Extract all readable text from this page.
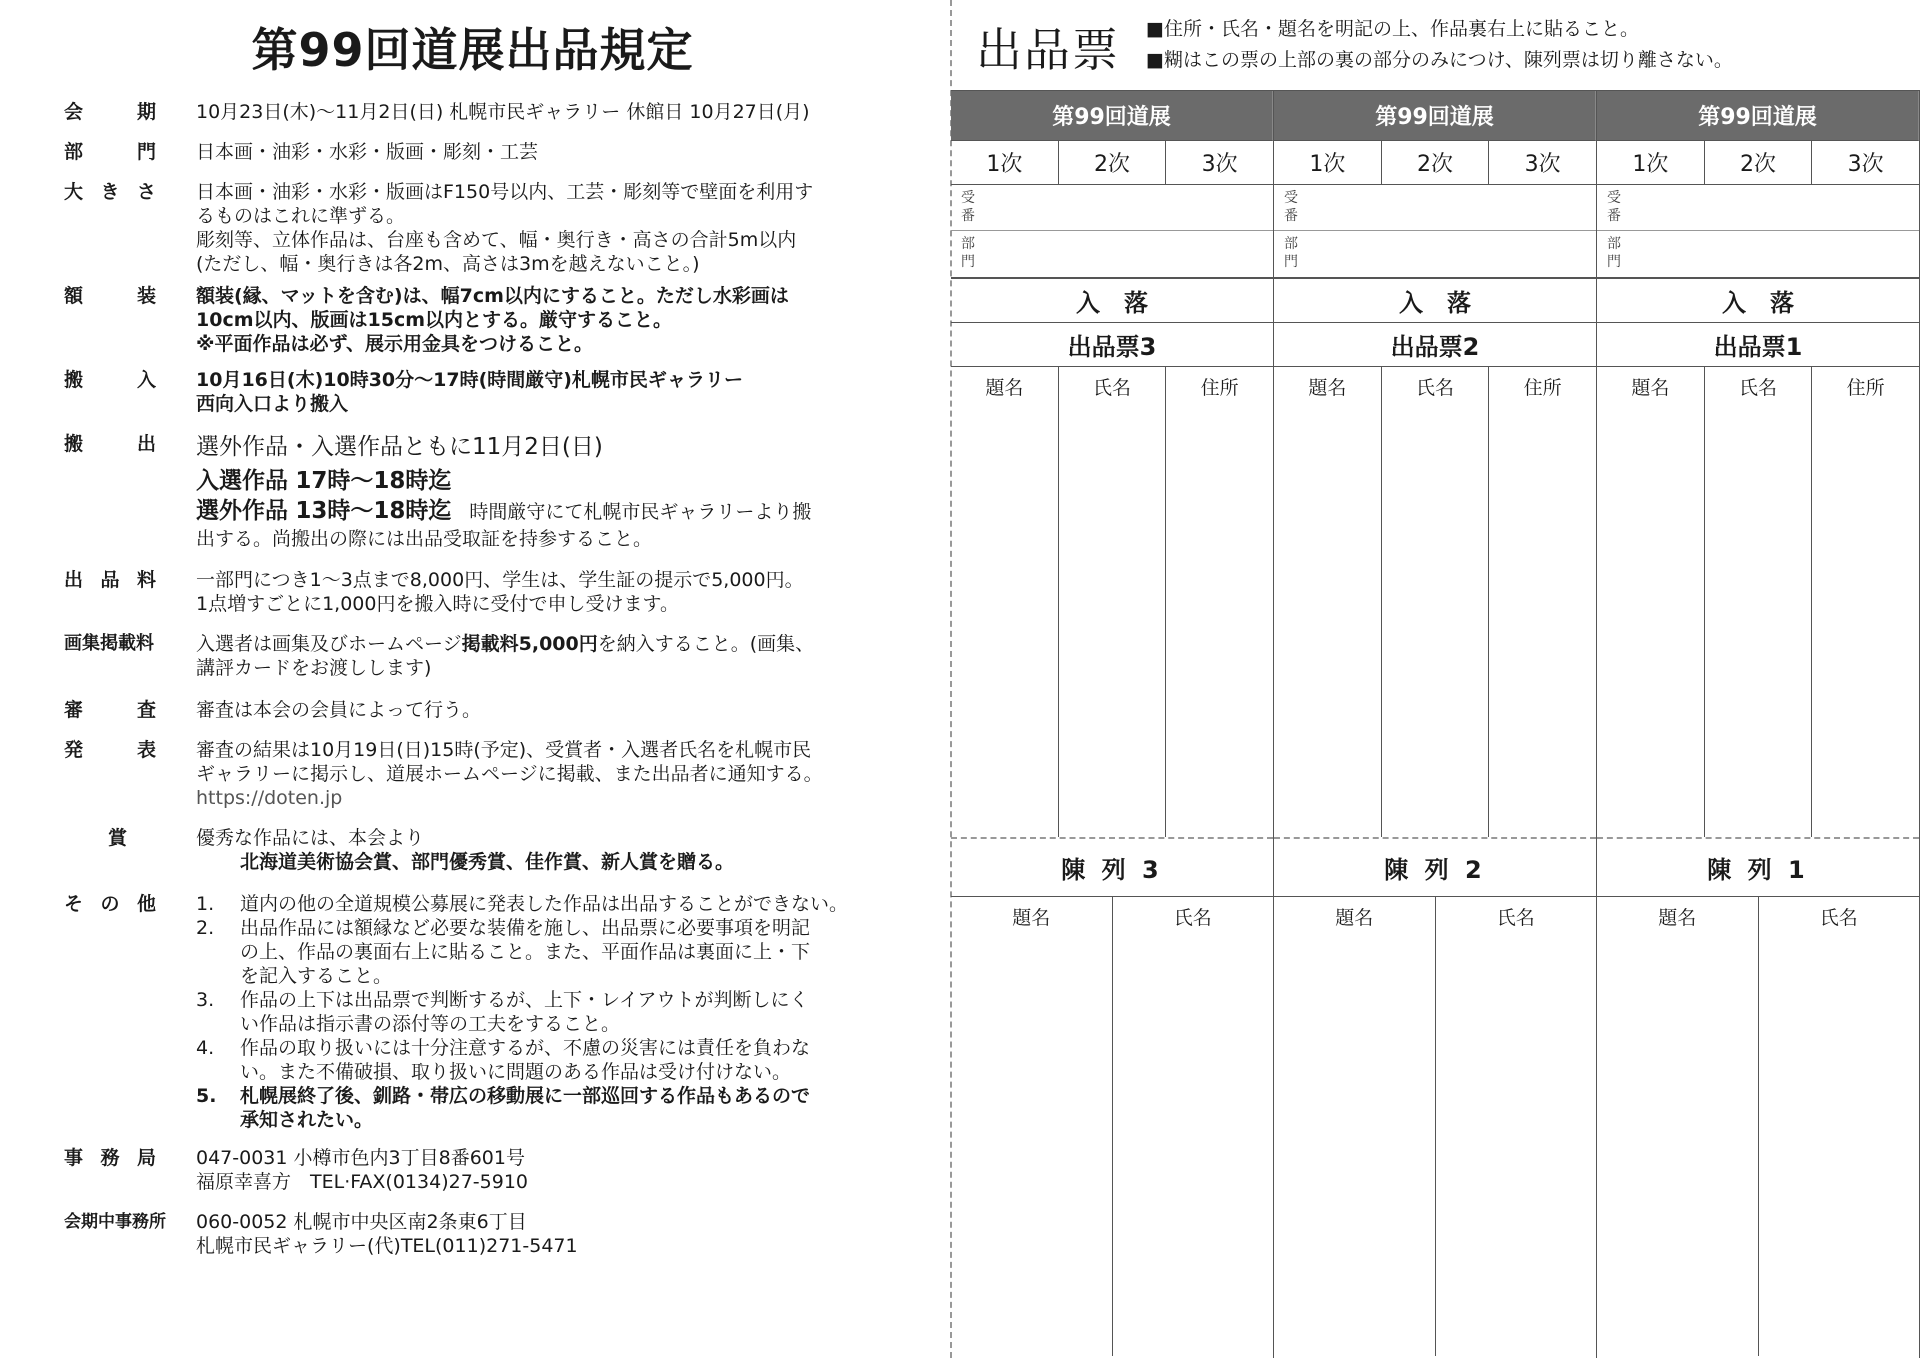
第99回道展出品規定
会　期 10月23日(木)～11月2日(日) 札幌市民ギャラリー 休館日 10月27日(月)
部　門 日本画・油彩・水彩・版画・彫刻・工芸
大きさ 日本画・油彩・水彩・版画はF150号以内、工芸・彫刻等で壁面を利用す
るものはこれに準ずる。
彫刻等、立体作品は、台座も含めて、幅・奥行き・高さの合計5m以内
(ただし、幅・奥行きは各2m、高さは3mを越えないこと。)
額　装 額装(縁、マットを含む)は、幅7cm以内にすること。ただし水彩画は
10cm以内、版画は15cm以内とする。厳守すること。
※平面作品は必ず、展示用金具をつけること。
搬　入 10月16日(木)10時30分～17時(時間厳守)札幌市民ギャラリー
西向入口より搬入
搬　出 選外作品・入選作品ともに11月2日(日)
入選作品 17時～18時迄
選外作品 13時～18時迄 時間厳守にて札幌市民ギャラリーより搬
出する。尚搬出の際には出品受取証を持参すること。
出品料 一部門につき1～3点まで8,000円、学生は、学生証の提示で5,000円。
1点増すごとに1,000円を搬入時に受付で申し受けます。
画集掲載料	入選者は画集及びホームページ掲載料5,000円を納入すること。(画集、
講評カードをお渡しします)
審　査 審査は本会の会員によって行う。
発　表 審査の結果は10月19日(日)15時(予定)、受賞者・入選者氏名を札幌市民
ギャラリーに掲示し、道展ホームページに掲載、また出品者に通知する。
https://doten.jp
賞	優秀な作品には、本会より
北海道美術協会賞、部門優秀賞、佳作賞、新人賞を贈る。
その他 1.	道内の他の全道規模公募展に発表した作品は出品することができない。
2.	出品作品には額縁など必要な装備を施し、出品票に必要事項を明記
の上、作品の裏面右上に貼ること。また、平面作品は裏面に上・下
を記入すること。
3.	作品の上下は出品票で判断するが、上下・レイアウトが判断しにく
い作品は指示書の添付等の工夫をすること。
4.	作品の取り扱いには十分注意するが、不慮の災害には責任を負わな
い。また不備破損、取り扱いに問題のある作品は受け付けない。
5.	札幌展終了後、釧路・帯広の移動展に一部巡回する作品もあるので
承知されたい。
事務局 047-0031 小樽市色内3丁目8番601号
福原幸喜方　TEL·FAX(0134)27-5910
会期中事務所	060-0052 札幌市中央区南2条東6丁目
札幌市民ギャラリー(代)TEL(011)271-5471
出品票 ■住所・氏名・題名を明記の上、作品裏右上に貼ること。
■糊はこの票の上部の裏の部分のみにつけ、陳列票は切り離さない。
第99回道展
1次	2次	3次
受番
部門
入　落
出品票3
題名	氏名	住所
陳 列 3
題名	氏名
第99回道展
1次	2次	3次
受番
部門
入　落
出品票2
題名	氏名	住所
陳 列 2
題名	氏名
第99回道展
1次	2次	3次
受番
部門
入　落
出品票1
題名	氏名	住所
陳 列 1
題名	氏名
